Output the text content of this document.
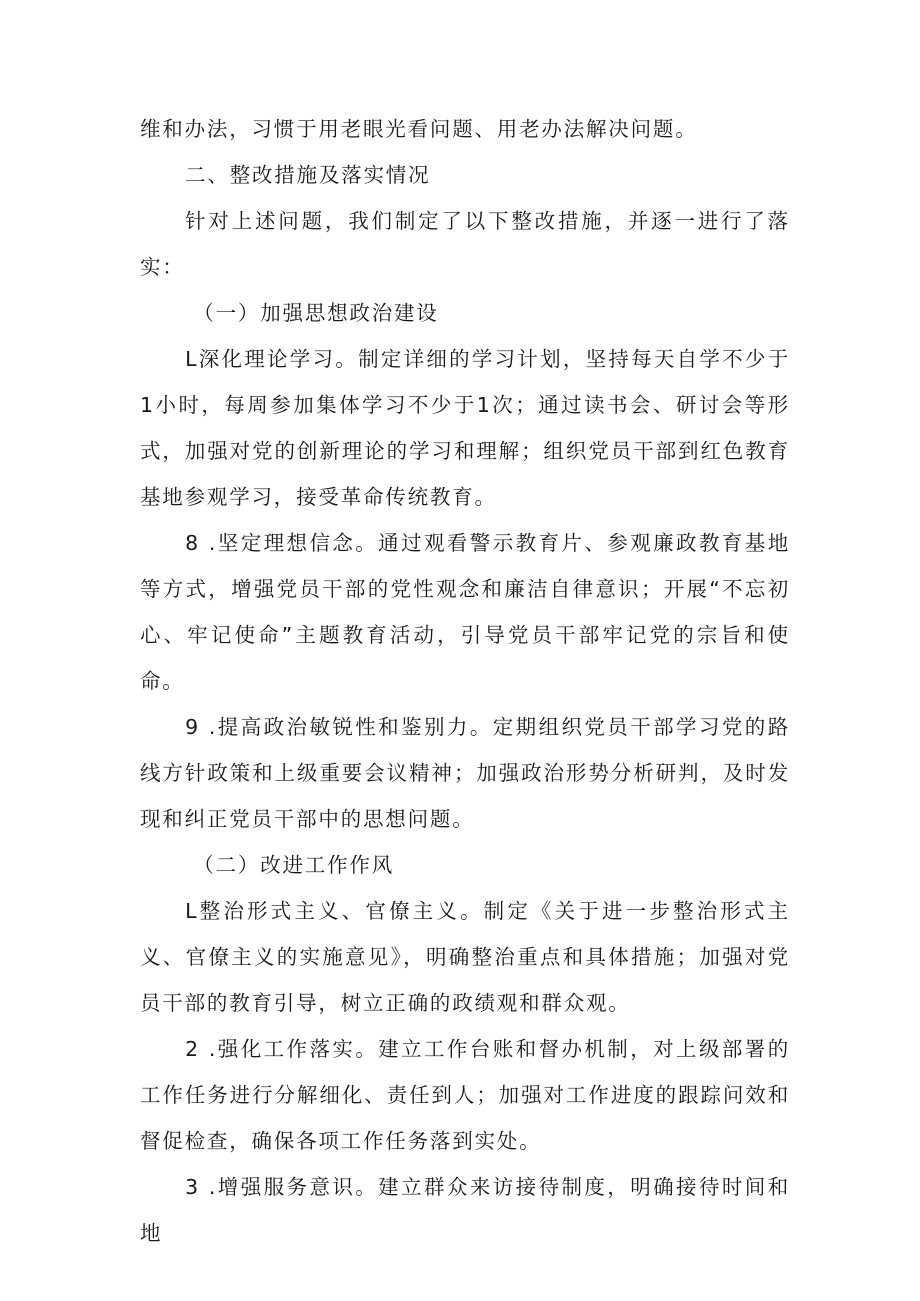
维和办法，习惯于用老眼光看问题、用老办法解决问题。

二、整改措施及落实情况

针对上述问题，我们制定了以下整改措施，并逐一进行了落实：

（一）加强思想政治建设

L深化理论学习。制定详细的学习计划，坚持每天自学不少于1小时，每周参加集体学习不少于1次；通过读书会、研讨会等形式，加强对党的创新理论的学习和理解；组织党员干部到红色教育基地参观学习，接受革命传统教育。

8 .坚定理想信念。通过观看警示教育片、参观廉政教育基地等方式，增强党员干部的党性观念和廉洁自律意识；开展“不忘初心、牢记使命”主题教育活动，引导党员干部牢记党的宗旨和使命。

9 .提高政治敏锐性和鉴别力。定期组织党员干部学习党的路线方针政策和上级重要会议精神；加强政治形势分析研判，及时发现和纠正党员干部中的思想问题。

（二）改进工作作风

L整治形式主义、官僚主义。制定《关于进一步整治形式主义、官僚主义的实施意见》，明确整治重点和具体措施；加强对党员干部的教育引导，树立正确的政绩观和群众观。

2 .强化工作落实。建立工作台账和督办机制，对上级部署的工作任务进行分解细化、责任到人；加强对工作进度的跟踪问效和督促检查，确保各项工作任务落到实处。

3 .增强服务意识。建立群众来访接待制度，明确接待时间和地
